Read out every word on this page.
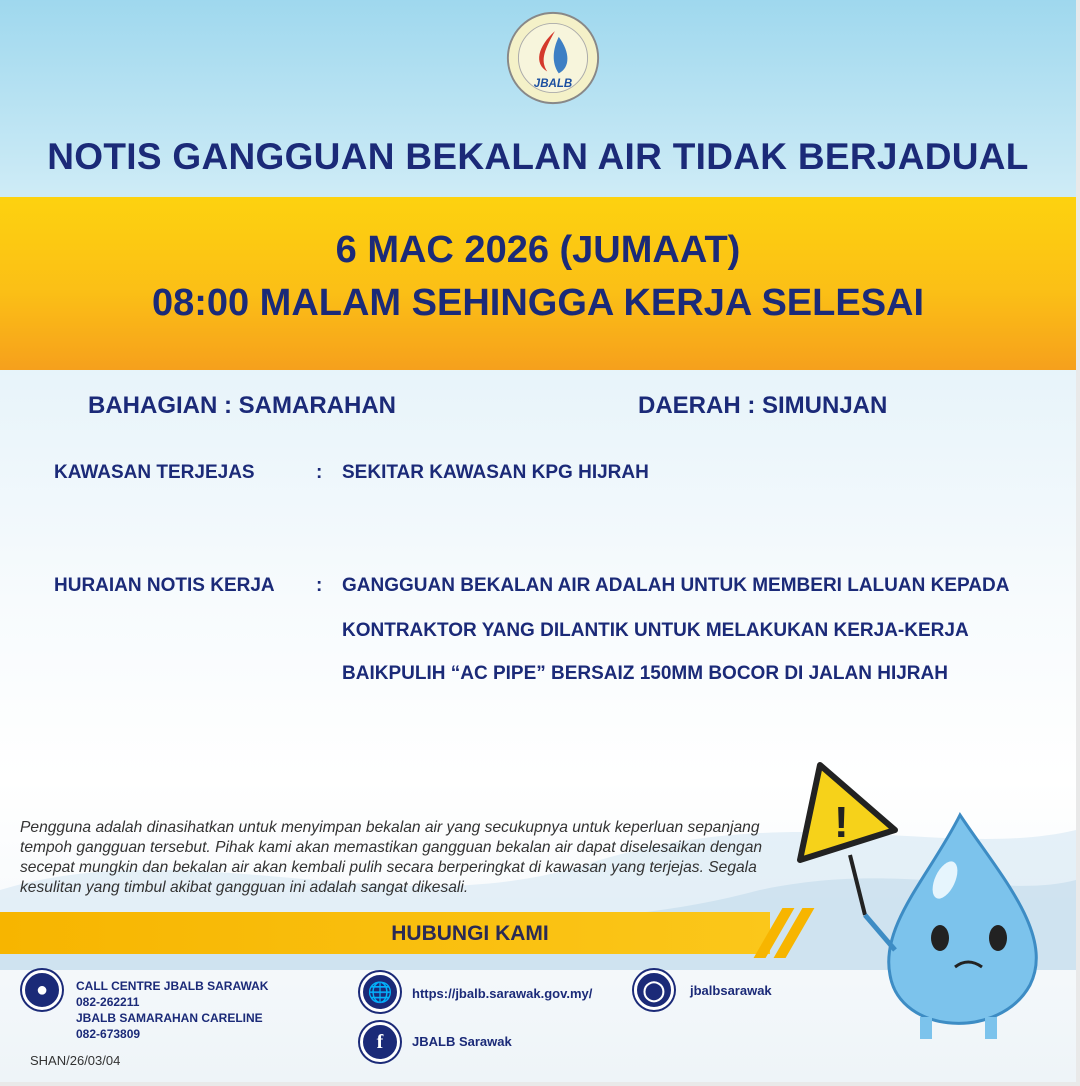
JBALB
NOTIS GANGGUAN BEKALAN AIR TIDAK BERJADUAL
6 MAC 2026 (JUMAAT)
08:00 MALAM SEHINGGA KERJA SELESAI
BAHAGIAN : SAMARAHAN	DAERAH : SIMUNJAN
KAWASAN TERJEJAS	: SEKITAR KAWASAN KPG HIJRAH
HURAIAN NOTIS KERJA : GANGGUAN BEKALAN AIR ADALAH UNTUK MEMBERI LALUAN KEPADA
KONTRAKTOR YANG DILANTIK UNTUK MELAKUKAN KERJA-KERJA
BAIKPULIH “AC PIPE” BERSAIZ 150MM BOCOR DI JALAN HIJRAH
Pengguna adalah dinasihatkan untuk menyimpan bekalan air yang secukupnya untuk keperluan sepanjang tempoh gangguan tersebut. Pihak kami akan memastikan gangguan bekalan air dapat diselesaikan dengan secepat mungkin dan bekalan air akan kembali pulih secara berperingkat di kawasan yang terjejas. Segala kesulitan yang timbul akibat gangguan ini adalah sangat dikesali.
HUBUNGI KAMI
●	CALL CENTRE JBALB SARAWAK
082-262211
JBALB SAMARAHAN CARELINE
082-673809
🌐	https://jbalb.sarawak.gov.my/
f	JBALB Sarawak
◯	jbalbsarawak
SHAN/26/03/04
!
